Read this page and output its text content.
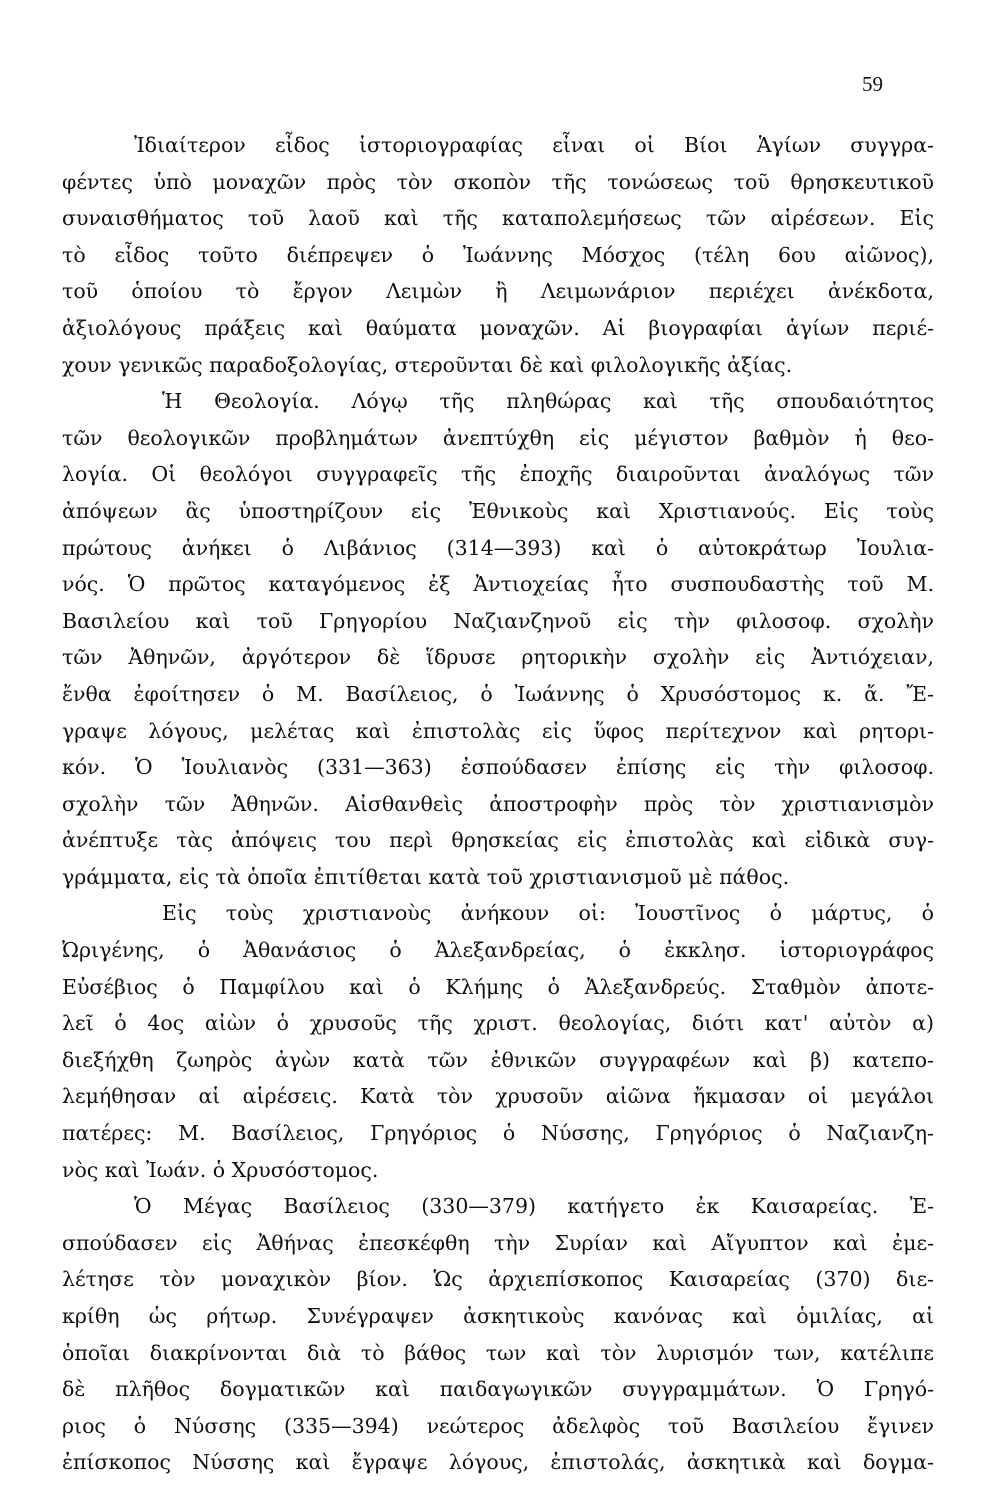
59
Ἰδιαίτερον εἶδος ἱστοριογραφίας εἶναι οἱ Βίοι Ἁγίων συγγρα-
φέντες ὑπὸ μοναχῶν πρὸς τὸν σκοπὸν τῆς τονώσεως τοῦ θρησκευτικοῦ
συναισθήματος τοῦ λαοῦ καὶ τῆς καταπολεμήσεως τῶν αἱρέσεων. Εἰς
τὸ εἶδος τοῦτο διέπρεψεν ὁ Ἰωάννης Μόσχος (τέλη 6ου αἰῶνος),
τοῦ ὁποίου τὸ ἔργον Λειμὼν ἢ Λειμωνάριον περιέχει ἀνέκδοτα,
ἀξιολόγους πράξεις καὶ θαύματα μοναχῶν. Αἱ βιογραφίαι ἁγίων περιέ-
χουν γενικῶς παραδοξολογίας, στεροῦνται δὲ καὶ φιλολογικῆς ἀξίας.
Ἡ Θεολογία. Λόγῳ τῆς πληθώρας καὶ τῆς σπουδαιότητος
τῶν θεολογικῶν προβλημάτων ἀνεπτύχθη εἰς μέγιστον βαθμὸν ἡ θεο-
λογία. Οἱ θεολόγοι συγγραφεῖς τῆς ἐποχῆς διαιροῦνται ἀναλόγως τῶν
ἀπόψεων ἃς ὑποστηρίζουν εἰς Ἐθνικοὺς καὶ Χριστιανούς. Εἰς τοὺς
πρώτους ἀνήκει ὁ Λιβάνιος (314—393) καὶ ὁ αὐτοκράτωρ Ἰουλια-
νός. Ὁ πρῶτος καταγόμενος ἐξ Ἀντιοχείας ἦτο συσπουδαστὴς τοῦ Μ.
Βασιλείου καὶ τοῦ Γρηγορίου Ναζιανζηνοῦ εἰς τὴν φιλοσοφ. σχολὴν
τῶν Ἀθηνῶν, ἀργότερον δὲ ἵδρυσε ρητορικὴν σχολὴν εἰς Ἀντιόχειαν,
ἔνθα ἐφοίτησεν ὁ Μ. Βασίλειος, ὁ Ἰωάννης ὁ Χρυσόστομος κ. ἄ. Ἔ-
γραψε λόγους, μελέτας καὶ ἐπιστολὰς εἰς ὕφος περίτεχνον καὶ ρητορι-
κόν. Ὁ Ἰουλιανὸς (331—363) ἐσπούδασεν ἐπίσης εἰς τὴν φιλοσοφ.
σχολὴν τῶν Ἀθηνῶν. Αἰσθανθεὶς ἀποστροφὴν πρὸς τὸν χριστιανισμὸν
ἀνέπτυξε τὰς ἀπόψεις του περὶ θρησκείας εἰς ἐπιστολὰς καὶ εἰδικὰ συγ-
γράμματα, εἰς τὰ ὁποῖα ἐπιτίθεται κατὰ τοῦ χριστιανισμοῦ μὲ πάθος.
Εἰς τοὺς χριστιανοὺς ἀνήκουν οἱ: Ἰουστῖνος ὁ μάρτυς, ὁ
Ὠριγένης, ὁ Ἀθανάσιος ὁ Ἀλεξανδρείας, ὁ ἐκκλησ. ἱστοριογράφος
Εὐσέβιος ὁ Παμφίλου καὶ ὁ Κλήμης ὁ Ἀλεξανδρεύς. Σταθμὸν ἀποτε-
λεῖ ὁ 4ος αἰὼν ὁ χρυσοῦς τῆς χριστ. θεολογίας, διότι κατ' αὐτὸν α)
διεξήχθη ζωηρὸς ἀγὼν κατὰ τῶν ἐθνικῶν συγγραφέων καὶ β) κατεπο-
λεμήθησαν αἱ αἱρέσεις. Κατὰ τὸν χρυσοῦν αἰῶνα ἤκμασαν οἱ μεγάλοι
πατέρες: Μ. Βασίλειος, Γρηγόριος ὁ Νύσσης, Γρηγόριος ὁ Ναζιανζη-
νὸς καὶ Ἰωάν. ὁ Χρυσόστομος.
Ὁ Μέγας Βασίλειος (330—379) κατήγετο ἐκ Καισαρείας. Ἐ-
σπούδασεν εἰς Ἀθήνας ἐπεσκέφθη τὴν Συρίαν καὶ Αἴγυπτον καὶ ἐμε-
λέτησε τὸν μοναχικὸν βίον. Ὡς ἀρχιεπίσκοπος Καισαρείας (370) διε-
κρίθη ὡς ρήτωρ. Συνέγραψεν ἀσκητικοὺς κανόνας καὶ ὁμιλίας, αἱ
ὁποῖαι διακρίνονται διὰ τὸ βάθος των καὶ τὸν λυρισμόν των, κατέλιπε
δὲ πλῆθος δογματικῶν καὶ παιδαγωγικῶν συγγραμμάτων. Ὁ Γρηγό-
ριος ὁ Νύσσης (335—394) νεώτερος ἀδελφὸς τοῦ Βασιλείου ἔγινεν
ἐπίσκοπος Νύσσης καὶ ἔγραψε λόγους, ἐπιστολάς, ἀσκητικὰ καὶ δογμα-
